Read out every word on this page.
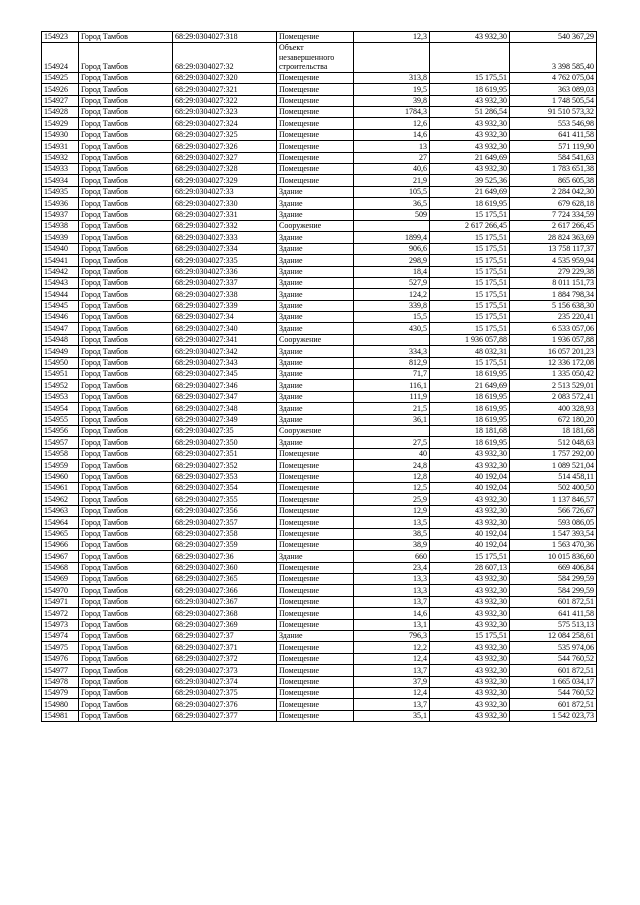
154923	Город Тамбов	68:29:0304027:318	Помещение	12,3	43 932,30	540 367,29
154924	Город Тамбов	68:29:0304027:32	Объект
незавершенного
строительства			3 398 585,40
154925	Город Тамбов	68:29:0304027:320	Помещение	313,8	15 175,51	4 762 075,04
154926	Город Тамбов	68:29:0304027:321	Помещение	19,5	18 619,95	363 089,03
154927	Город Тамбов	68:29:0304027:322	Помещение	39,8	43 932,30	1 748 505,54
154928	Город Тамбов	68:29:0304027:323	Помещение	1784,3	51 286,54	91 510 573,32
154929	Город Тамбов	68:29:0304027:324	Помещение	12,6	43 932,30	553 546,98
154930	Город Тамбов	68:29:0304027:325	Помещение	14,6	43 932,30	641 411,58
154931	Город Тамбов	68:29:0304027:326	Помещение	13	43 932,30	571 119,90
154932	Город Тамбов	68:29:0304027:327	Помещение	27	21 649,69	584 541,63
154933	Город Тамбов	68:29:0304027:328	Помещение	40,6	43 932,30	1 783 651,38
154934	Город Тамбов	68:29:0304027:329	Помещение	21,9	39 525,36	865 605,38
154935	Город Тамбов	68:29:0304027:33	Здание	105,5	21 649,69	2 284 042,30
154936	Город Тамбов	68:29:0304027:330	Здание	36,5	18 619,95	679 628,18
154937	Город Тамбов	68:29:0304027:331	Здание	509	15 175,51	7 724 334,59
154938	Город Тамбов	68:29:0304027:332	Сооружение		2 617 266,45	2 617 266,45
154939	Город Тамбов	68:29:0304027:333	Здание	1899,4	15 175,51	28 824 363,69
154940	Город Тамбов	68:29:0304027:334	Здание	906,6	15 175,51	13 758 117,37
154941	Город Тамбов	68:29:0304027:335	Здание	298,9	15 175,51	4 535 959,94
154942	Город Тамбов	68:29:0304027:336	Здание	18,4	15 175,51	279 229,38
154943	Город Тамбов	68:29:0304027:337	Здание	527,9	15 175,51	8 011 151,73
154944	Город Тамбов	68:29:0304027:338	Здание	124,2	15 175,51	1 884 798,34
154945	Город Тамбов	68:29:0304027:339	Здание	339,8	15 175,51	5 156 638,30
154946	Город Тамбов	68:29:0304027:34	Здание	15,5	15 175,51	235 220,41
154947	Город Тамбов	68:29:0304027:340	Здание	430,5	15 175,51	6 533 057,06
154948	Город Тамбов	68:29:0304027:341	Сооружение		1 936 057,88	1 936 057,88
154949	Город Тамбов	68:29:0304027:342	Здание	334,3	48 032,31	16 057 201,23
154950	Город Тамбов	68:29:0304027:343	Здание	812,9	15 175,51	12 336 172,08
154951	Город Тамбов	68:29:0304027:345	Здание	71,7	18 619,95	1 335 050,42
154952	Город Тамбов	68:29:0304027:346	Здание	116,1	21 649,69	2 513 529,01
154953	Город Тамбов	68:29:0304027:347	Здание	111,9	18 619,95	2 083 572,41
154954	Город Тамбов	68:29:0304027:348	Здание	21,5	18 619,95	400 328,93
154955	Город Тамбов	68:29:0304027:349	Здание	36,1	18 619,95	672 180,20
154956	Город Тамбов	68:29:0304027:35	Сооружение		18 181,68	18 181,68
154957	Город Тамбов	68:29:0304027:350	Здание	27,5	18 619,95	512 048,63
154958	Город Тамбов	68:29:0304027:351	Помещение	40	43 932,30	1 757 292,00
154959	Город Тамбов	68:29:0304027:352	Помещение	24,8	43 932,30	1 089 521,04
154960	Город Тамбов	68:29:0304027:353	Помещение	12,8	40 192,04	514 458,11
154961	Город Тамбов	68:29:0304027:354	Помещение	12,5	40 192,04	502 400,50
154962	Город Тамбов	68:29:0304027:355	Помещение	25,9	43 932,30	1 137 846,57
154963	Город Тамбов	68:29:0304027:356	Помещение	12,9	43 932,30	566 726,67
154964	Город Тамбов	68:29:0304027:357	Помещение	13,5	43 932,30	593 086,05
154965	Город Тамбов	68:29:0304027:358	Помещение	38,5	40 192,04	1 547 393,54
154966	Город Тамбов	68:29:0304027:359	Помещение	38,9	40 192,04	1 563 470,36
154967	Город Тамбов	68:29:0304027:36	Здание	660	15 175,51	10 015 836,60
154968	Город Тамбов	68:29:0304027:360	Помещение	23,4	28 607,13	669 406,84
154969	Город Тамбов	68:29:0304027:365	Помещение	13,3	43 932,30	584 299,59
154970	Город Тамбов	68:29:0304027:366	Помещение	13,3	43 932,30	584 299,59
154971	Город Тамбов	68:29:0304027:367	Помещение	13,7	43 932,30	601 872,51
154972	Город Тамбов	68:29:0304027:368	Помещение	14,6	43 932,30	641 411,58
154973	Город Тамбов	68:29:0304027:369	Помещение	13,1	43 932,30	575 513,13
154974	Город Тамбов	68:29:0304027:37	Здание	796,3	15 175,51	12 084 258,61
154975	Город Тамбов	68:29:0304027:371	Помещение	12,2	43 932,30	535 974,06
154976	Город Тамбов	68:29:0304027:372	Помещение	12,4	43 932,30	544 760,52
154977	Город Тамбов	68:29:0304027:373	Помещение	13,7	43 932,30	601 872,51
154978	Город Тамбов	68:29:0304027:374	Помещение	37,9	43 932,30	1 665 034,17
154979	Город Тамбов	68:29:0304027:375	Помещение	12,4	43 932,30	544 760,52
154980	Город Тамбов	68:29:0304027:376	Помещение	13,7	43 932,30	601 872,51
154981	Город Тамбов	68:29:0304027:377	Помещение	35,1	43 932,30	1 542 023,73
